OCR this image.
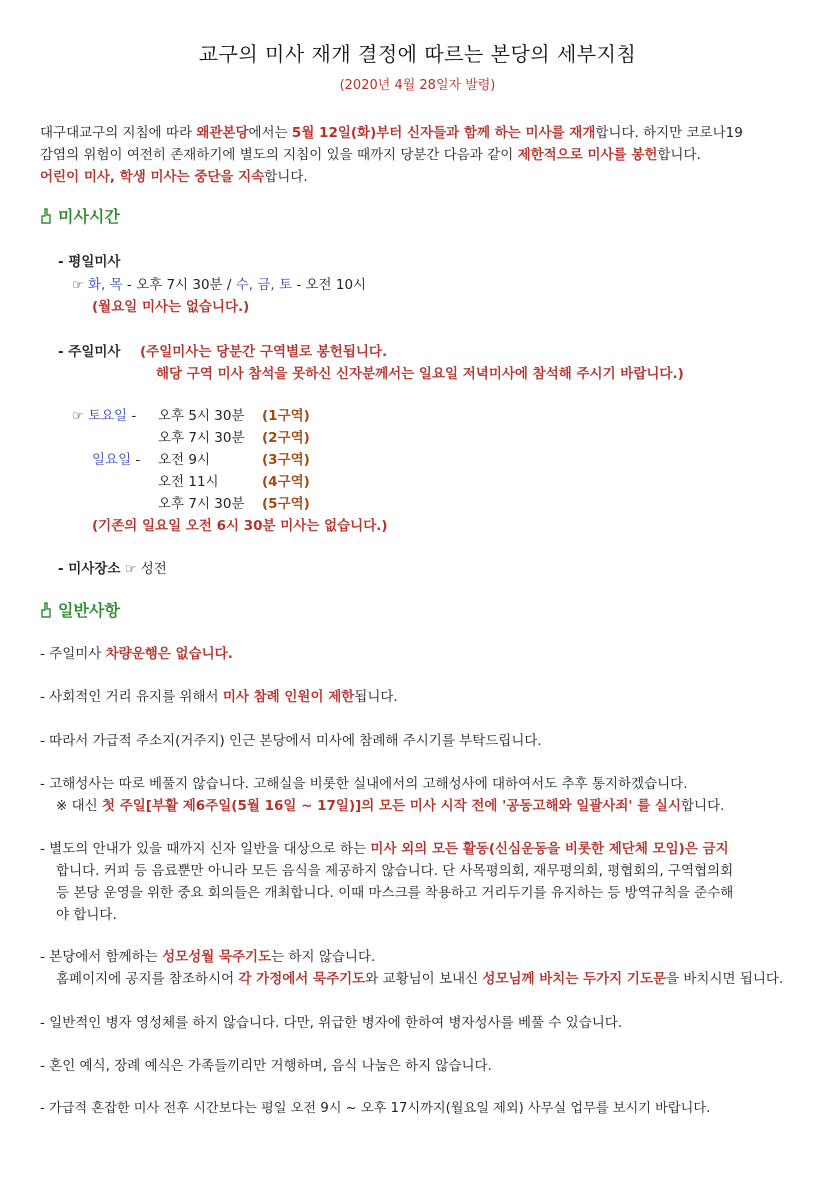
교구의 미사 재개 결정에 따르는 본당의 세부지침
(2020년 4월 28일자 발령)

대구대교구의 지침에 따라 왜관본당에서는 5월 12일(화)부터 신자들과 함께 하는 미사를 재개합니다. 하지만 코로나19

감염의 위험이 여전히 존재하기에 별도의 지침이 있을 때까지 당분간 다음과 같이 제한적으로 미사를 봉헌합니다.

어린이 미사, 학생 미사는 중단을 지속합니다.

미사시간
- 평일미사
☞ 화, 목 - 오후 7시 30분 / 수, 금, 토 - 오전 10시
(월요일 미사는 없습니다.)
- 주일미사 (주일미사는 당분간 구역별로 봉헌됩니다.
해당 구역 미사 참석을 못하신 신자분께서는 일요일 저녁미사에 참석해 주시기 바랍니다.)
☞ 토요일 -
일요일 -
오후 5시 30분 (1구역)
오후 7시 30분 (2구역)
오전 9시	(3구역)
오전 11시	(4구역)
오후 7시 30분 (5구역)
(기존의 일요일 오전 6시 30분 미사는 없습니다.)
- 미사장소 ☞ 성전
일반사항
- 주일미사 차량운행은 없습니다.
- 사회적인 거리 유지를 위해서 미사 참례 인원이 제한됩니다.
- 따라서 가급적 주소지(거주지) 인근 본당에서 미사에 참례해 주시기를 부탁드립니다.
- 고해성사는 따로 베풀지 않습니다. 고해실을 비롯한 실내에서의 고해성사에 대하여서도 추후 통지하겠습니다.
※ 대신 첫 주일[부활 제6주일(5월 16일 ~ 17일)]의 모든 미사 시작 전에 '공동고해와 일괄사죄' 를 실시합니다.
- 별도의 안내가 있을 때까지 신자 일반을 대상으로 하는 미사 외의 모든 활동(신심운동을 비롯한 제단체 모임)은 금지
합니다. 커피 등 음료뿐만 아니라 모든 음식을 제공하지 않습니다. 단 사목평의회, 재무평의회, 평협회의, 구역협의회
등 본당 운영을 위한 중요 회의들은 개최합니다. 이때 마스크를 착용하고 거리두기를 유지하는 등 방역규칙을 준수해
야 합니다.
- 본당에서 함께하는 성모성월 묵주기도는 하지 않습니다.
홈페이지에 공지를 참조하시어 각 가정에서 묵주기도와 교황님이 보내신 성모님께 바치는 두가지 기도문을 바치시면 됩니다.
- 일반적인 병자 영성체를 하지 않습니다. 다만, 위급한 병자에 한하여 병자성사를 베풀 수 있습니다.
- 혼인 예식, 장례 예식은 가족들끼리만 거행하며, 음식 나눔은 하지 않습니다.
- 가급적 혼잡한 미사 전후 시간보다는 평일 오전 9시 ~ 오후 17시까지(월요일 제외) 사무실 업무를 보시기 바랍니다.
